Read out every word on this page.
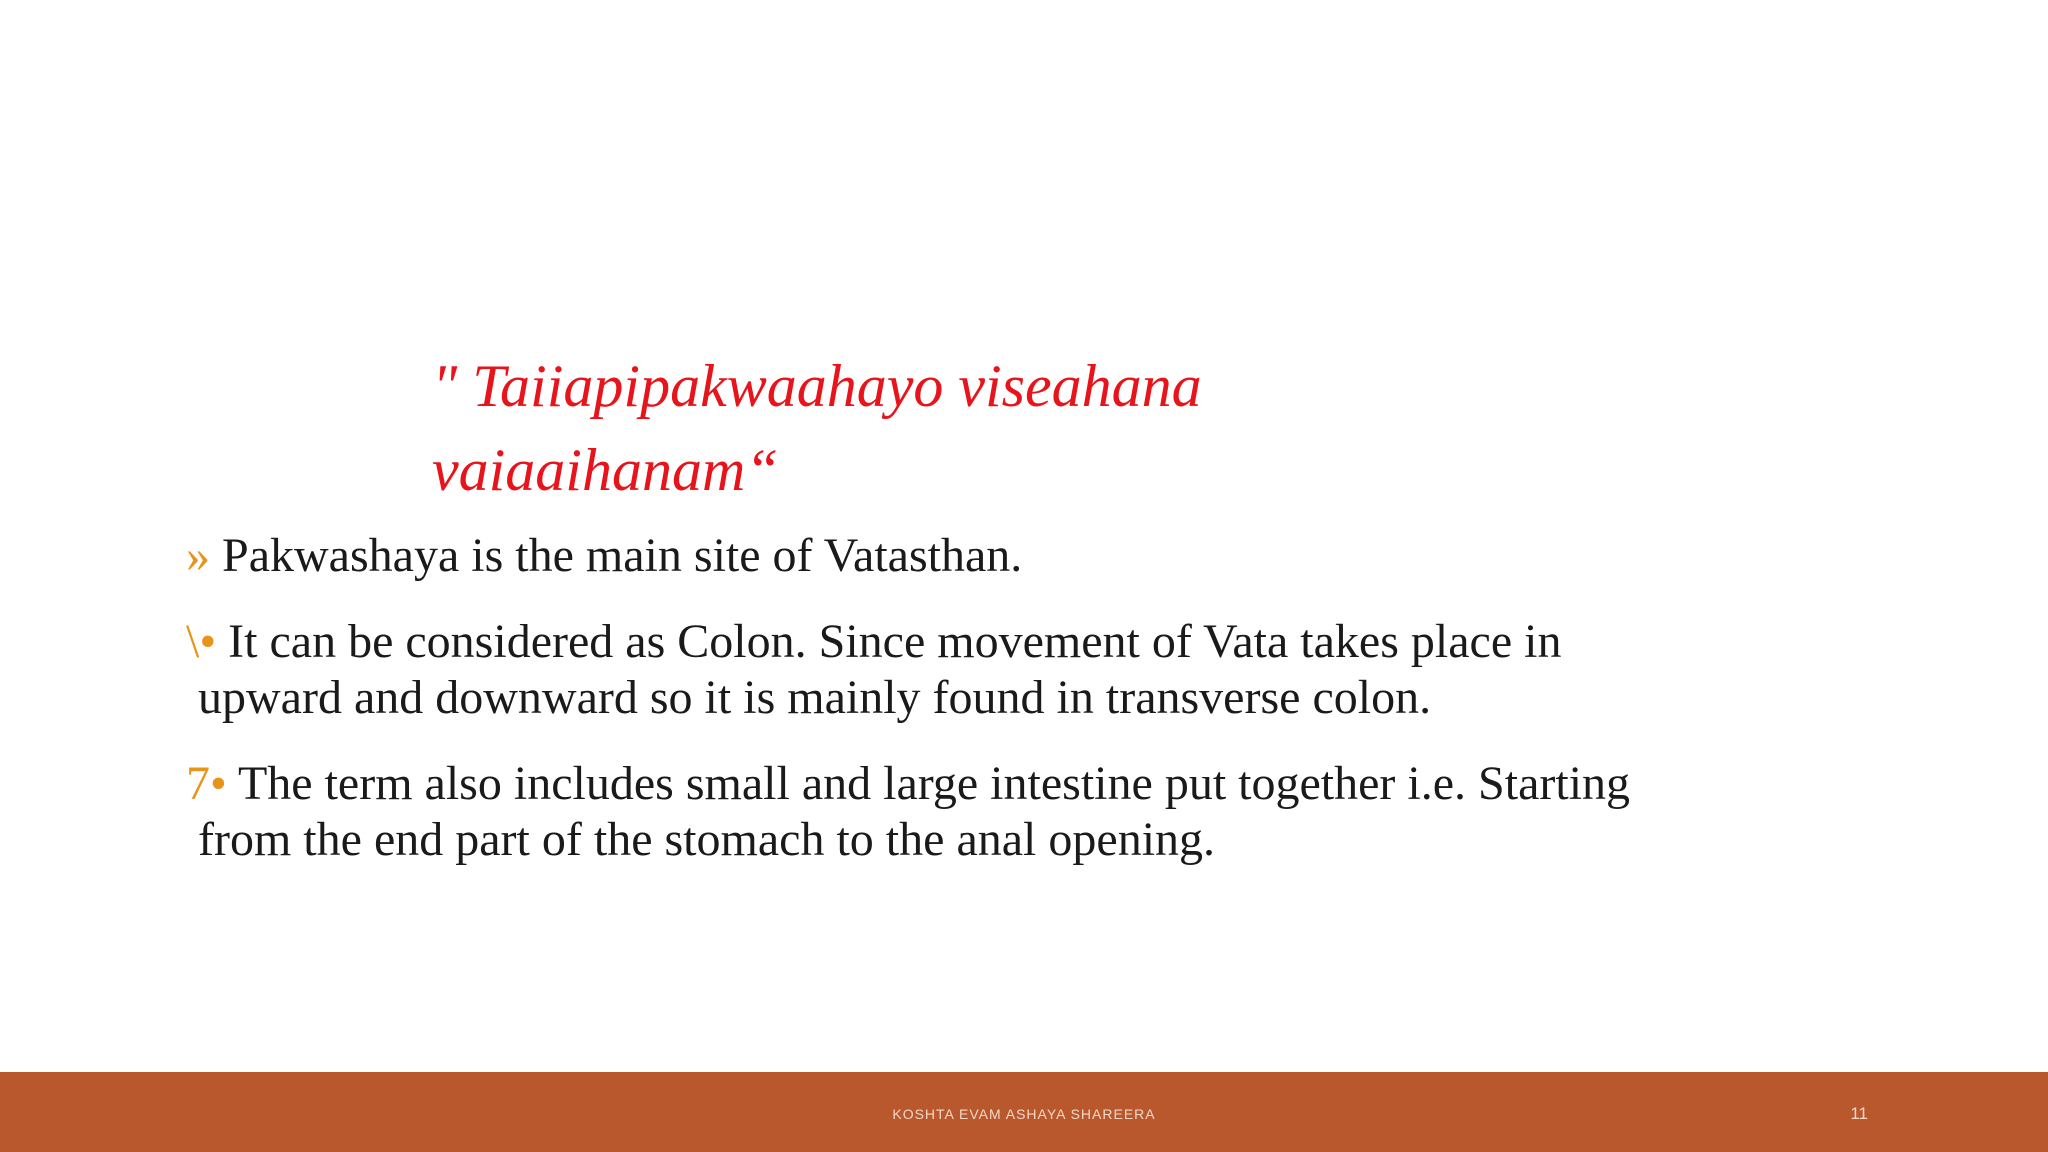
" Taiiapipakwaahayo viseahana
vaiaaihanam“
» Pakwashaya is the main site of Vatasthan.
\• It can be considered as Colon. Since movement of Vata takes place in
upward and downward so it is mainly found in transverse colon.
7• The term also includes small and large intestine put together i.e. Starting
from the end part of the stomach to the anal opening.
KOSHTA EVAM ASHAYA SHAREERA	11
